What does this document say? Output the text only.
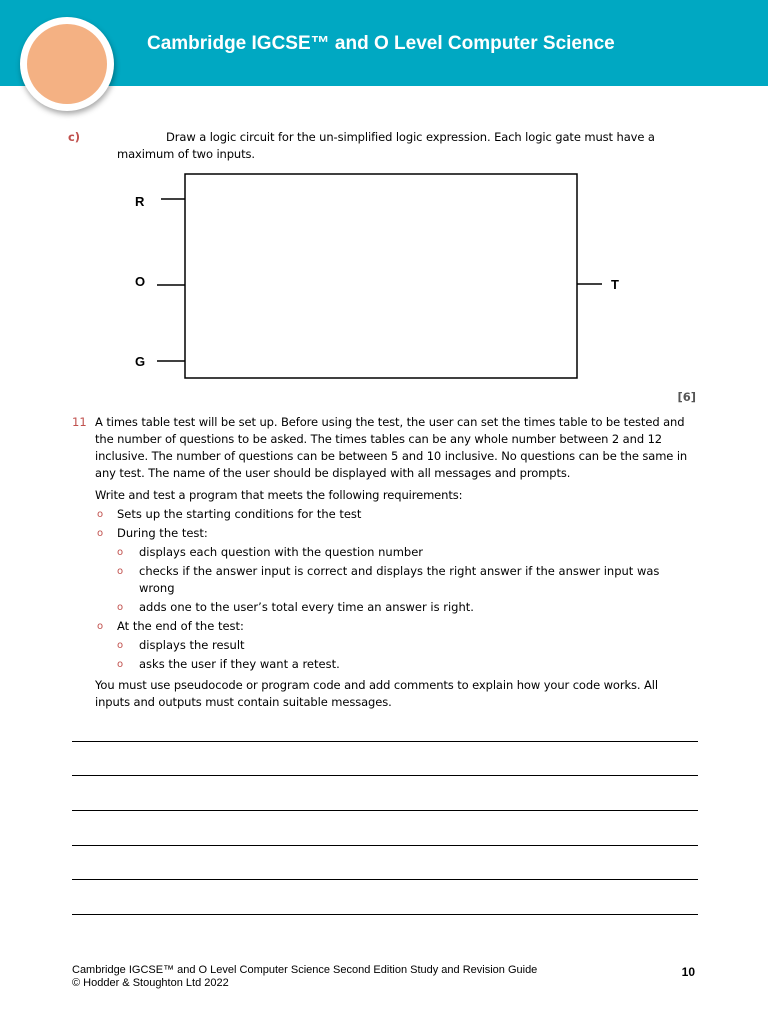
Cambridge IGCSE™ and O Level Computer Science
c)	Draw a logic circuit for the un-simplified logic expression. Each logic gate must have a maximum of two inputs.
R
O
G
T
[6]
11 A times table test will be set up. Before using the test, the user can set the times table to be tested and the number of questions to be asked. The times tables can be any whole number between 2 and 12 inclusive. The number of questions can be between 5 and 10 inclusive. No questions can be the same in any test. The name of the user should be displayed with all messages and prompts.
Write and test a program that meets the following requirements:
o Sets up the starting conditions for the test
o During the test:
o displays each question with the question number
o checks if the answer input is correct and displays the right answer if the answer input was wrong
o adds one to the user’s total every time an answer is right.
o At the end of the test:
o displays the result
o asks the user if they want a retest.
You must use pseudocode or program code and add comments to explain how your code works. All inputs and outputs must contain suitable messages.
Cambridge IGCSE™ and O Level Computer Science Second Edition Study and Revision Guide
© Hodder & Stoughton Ltd 2022
10
